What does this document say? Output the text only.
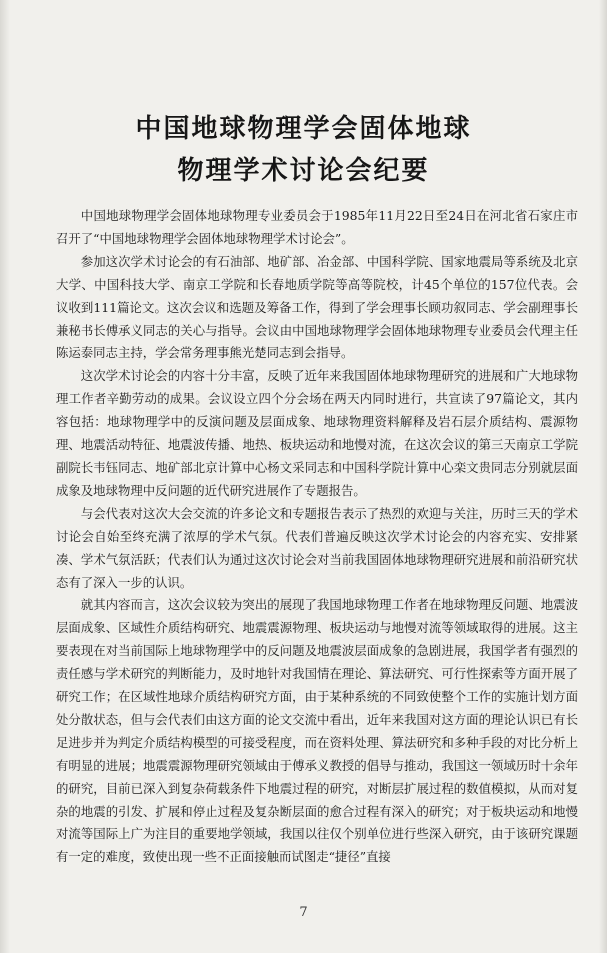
中国地球物理学会固体地球
物理学术讨论会纪要

中国地球物理学会固体地球物理专业委员会于1985年11月22日至24日在河北省石家庄市召开了“中国地球物理学会固体地球物理学术讨论会”。

参加这次学术讨论会的有石油部、地矿部、冶金部、中国科学院、国家地震局等系统及北京大学、中国科技大学、南京工学院和长春地质学院等高等院校，计45个单位的157位代表。会议收到111篇论文。这次会议和选题及筹备工作，得到了学会理事长顾功叙同志、学会副理事长兼秘书长傅承义同志的关心与指导。会议由中国地球物理学会固体地球物理专业委员会代理主任陈运泰同志主持，学会常务理事熊光楚同志到会指导。

这次学术讨论会的内容十分丰富，反映了近年来我国固体地球物理研究的进展和广大地球物理工作者辛勤劳动的成果。会议设立四个分会场在两天内同时进行，共宣读了97篇论文，其内容包括：地球物理学中的反演问题及层面成象、地球物理资料解释及岩石层介质结构、震源物理、地震活动特征、地震波传播、地热、板块运动和地慢对流，在这次会议的第三天南京工学院副院长韦钰同志、地矿部北京计算中心杨文采同志和中国科学院计算中心栾文贵同志分别就层面成象及地球物理中反问题的近代研究进展作了专题报告。

与会代表对这次大会交流的许多论文和专题报告表示了热烈的欢迎与关注，历时三天的学术讨论会自始至终充满了浓厚的学术气氛。代表们普遍反映这次学术讨论会的内容充实、安排紧凑、学术气氛活跃；代表们认为通过这次讨论会对当前我国固体地球物理研究进展和前沿研究状态有了深入一步的认识。

就其内容而言，这次会议较为突出的展现了我国地球物理工作者在地球物理反问题、地震波层面成象、区域性介质结构研究、地震震源物理、板块运动与地慢对流等领域取得的进展。这主要表现在对当前国际上地球物理学中的反问题及地震波层面成象的急剧进展，我国学者有强烈的责任感与学术研究的判断能力，及时地针对我国情在理论、算法研究、可行性探索等方面开展了研究工作；在区域性地球介质结构研究方面，由于某种系统的不同致使整个工作的实施计划方面处分散状态，但与会代表们由这方面的论文交流中看出，近年来我国对这方面的理论认识已有长足进步并为判定介质结构模型的可接受程度，而在资料处理、算法研究和多种手段的对比分析上有明显的进展；地震震源物理研究领域由于傅承义教授的倡导与推动，我国这一领域历时十余年的研究，目前已深入到复杂荷载条件下地震过程的研究，对断层扩展过程的数值模拟，从而对复杂的地震的引发、扩展和停止过程及复杂断层面的愈合过程有深入的研究；对于板块运动和地慢对流等国际上广为注目的重要地学领域，我国以往仅个别单位进行些深入研究，由于该研究课题有一定的难度，致使出现一些不正面接触而试图走“捷径”直接

7
